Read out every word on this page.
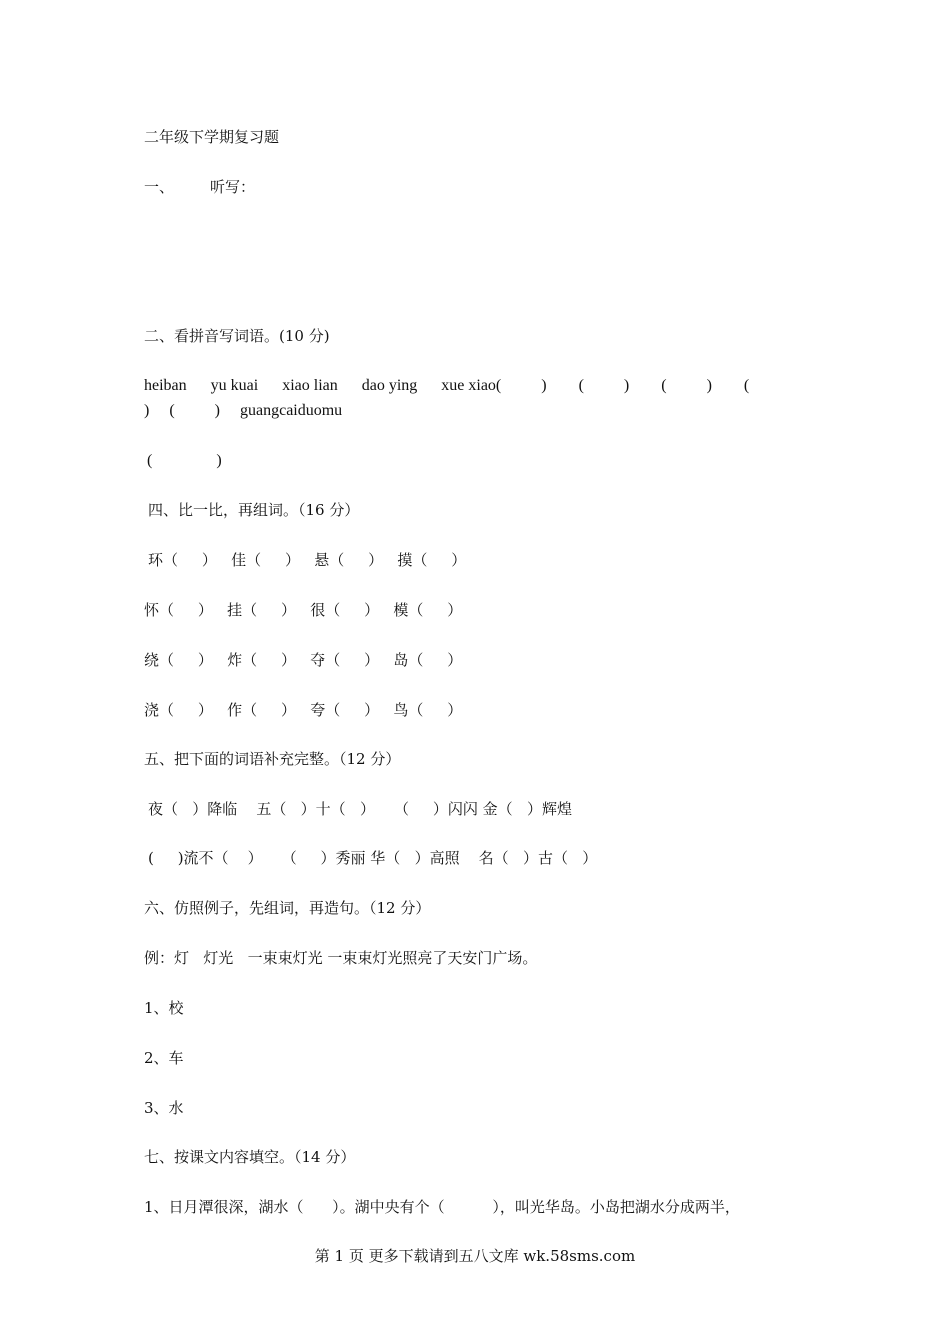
二年级下学期复习题
一、 听写：
二、看拼音写词语。(10 分)
heiban      yu kuai      xiao lian      dao ying      xue xiao(          )        (          )        (          )        (
)     (          )     guangcaiduomu
(                )
四、比一比，再组词。（16 分）
环（     ）   佳（     ）   悬（     ）   摸（     ）
怀（     ）   挂（     ）   很（     ）   模（     ）
绕（     ）   炸（     ）   夺（     ）   岛（     ）
浇（     ）   作（     ）   夸（     ）   鸟（     ）
五、把下面的词语补充完整。（12 分）
夜（   ）降临    五（   ）十（   ）    （     ）闪闪 金（   ）辉煌
(     )流不（    ）    （     ）秀丽 华（   ）高照    名（   ）古（   ）
六、仿照例子，先组词，再造句。（12 分）
例：灯   灯光   一束束灯光 一束束灯光照亮了天安门广场。
1、校
2、车
3、水
七、按课文内容填空。（14 分）
1、日月潭很深，湖水（      ）。湖中央有个（          ），叫光华岛。小岛把湖水分成两半，
第 1 页 更多下载请到五八文库 wk.58sms.com
